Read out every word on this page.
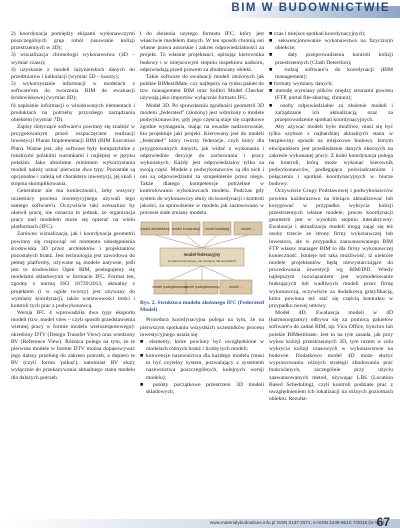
BIM W BUDOWNICTWIE

2) koordynacja pomiędzy ekipami wykonawczymi poszczególnych grup robót (usuwanie kolizji przestrzennych w 3D);

3) wizualizacja chronologii wykonawstwa (4D – wymiar czasu);

4) uzyskanie z modeli inżynierskich danych do przedmiarów i kalkulacji (wymiar 5D – koszty);

5) wykorzystanie informacji w modelach z software'em do tworzenia BIM do ewaluacji środowiskowej (wymiar 6D);

6) zapisanie informacji o wbudowanych elementach i produktach na potrzeby przyszłego zarządzania obiektem (wymiar 7D).

Zapisy dotyczące software'u powinny się znaleźć w przygotowanym przed rozpoczęciem realizacji inwestycji Planie Implementacji BIM (BIM Execution Plan). Ważne jest, aby software były kompatybilne z lokalnymi polskimi warunkami i najlepiej w języku polskim. Jako absolutne minimum wykorzystania modeli należy uznać pierwsze dwa typy. Pozostałe są opcjonalne i zależą od charakteru inwestycji, jej skali i stopnia skomplikowania.

Generalnie nie ma konieczności, żeby wszyscy uczestnicy procesu inwestycyjnego używali tego samego software'u. Oczywiście taki scenariusz by ułatwił pracę, nie oznacza to jednak, że organizacja pracy nad modelem może się opierać na wielu platformach (IFC).

Zarówno wizualizacja, jak i koordynacja geometrii powinny się rozpocząć od momentu udostępnienia środowiska 3D przez architektów i projektantów pozostałych branż. Jest technologia jest zawodowa do pełnej platformy, używane są modele natywne, jeśli jest to środowisko Open BIM, posługujemy się modelami składowymi w formacie IFC. Format ten, zgodny z normą ISO 16739:2013, aktualny z projektem (i w ogóle tworzy) jest używany do wymiany koordynacji, także warstwowości treści i kontroli tych prac z podwykonawcą.

Wersja IFC 4 wprowadziła dwa typy eksportu modeli (tzw. model view – czyli sposób przedstawienia wiennej pracy w formie modelu wielozespołowego): określony DTV (Design Transfer View) oraz wiedzony RV (Reference View). Różnica polega na tym, że te pierwsze modele w formie DTV można dopasowywać jego dalszy przebieg do zakresu potrzeb, a dopiero te RV (czyli forma 'pokaz'), natomiast RV służy wyłącznie do przekazywania aktualnego stanu modelu dla dalszych potrzeb.

ł do złożenia użytego formatu IFC, który jest właściwie modelem danych. W ten sposób chronią oni własne prawa autorskie i zakres odpowiedzialności za projekt. To właśnie projektanci, opisując kierownika budowy i w miejscowym stopniu inspektora nadzoru, odpowiadają przed prawem za zbudowany obiekt.

Takie software do ewaluacji modeli złożonych jak polskie BIMestiMate, czy najlepszy na rynku pakiet do tzw. management BIM oraz Solibri Model Checker używają jako importów wyłącznie formatu IFC.

Model 3D. Po sprawdzeniu zgodności geometrii 3D modelu „federated” (złożony) jest wdrożony o modele podwykonawców, gdy jego częścią staje się cząstkowe zgodne wymagania, mając na uwadze nadzorowanie, kto projektuje jaki projekt. Kierowany jest do modeli „federated” który tworzy federacje, czyli który dla przygotowanych danych, jak widać z wykonania i odpowiednie decyzje do zachowania i pracy wykonanych. Każdy jest odpowiedzialny tylko za swoją część. Modele z podwykonawców są dla nich i oni są odpowiedzialni za uzupełnienie przez niego. Także dlatego kompetencje potrzebne w kontrolowaniu wykonawcach modelu. Podczas gdy system do wykonawczy służy do koordynacji i kontroli jakości, za sprawdzenie w modelu jak zastosowano w procesie stałe zmiany modelu.

model architektury model konstrukcji model instalacji	model ...
model federacyjny
(model koordynacyjny, ale dostępny dla wszystkich)
model podwykonawcy
model podwykonawcy	model ...
Rys. 2. Struktura modelu złożonego IFC (Federated Model)

Procedura koordynacyjna polega na tym, że na pierwszym spotkaniu wszystkich uczestników procesu inwestycyjnego ustala się:

■ elementy, które powinny być uwzględnione w modelach różnych branż i liczbę tych modeli;

■ konwencje nazewnictwa dla każdego modelu (musi to być czytelny system, pozwalający z systemem nazewnictwa poszczególnych, kolejnych wersji modelu);

■ punkty początkowe przestrzeni 3D modeli składowych;

■ czas i miejsce spotkań koordynacyjnych;

■ sekwencjonowanie wykonawstwa na fizycznym obiekcie;

■ daty przeprowadzenia kontroli kolizji przestrzennych (Clash Detection);

■ rodzaj software'u do koordynacji (BIM management);

■ formaty wymiany danych;

■ metodę wymiany plików między stronami procesu (FTP, portal file-sharing, chmura);

■ osoby odpowiedzialne za złożenie modeli i zarządzanie ich aktualizacją oraz za przeprowadzenie spotkań koordynacyjnych.

Aby używać modeli było możliwe, musi się być tylko szybsze z najbardziej aktualnych stanu w bezpieczny sposób na miejscowe budowy. Istnym ekwipunkiem jest prześledzenie danych obecnych na zakresie wykonanej pracy. Z kolei koordynacja polega na kontroli, którą może wykonać kierownik podwykonawców, podlegająca poświadczeniom i połączenia i spotkań koordynacyjnych w biurze budowy.

Oczywiście Grupy Podstawowej i podwykonawców powinni każdorazowo na bieżąco aktualizować lub korygować w przypadku wykrycia kolizji przestrzennych własne modele, proces koordynacji geometrii jest w wysokim stopniu interaktywny. Ewaluacja i aktualizacja modeli mogą zająć się też osoby trzecie ze strony firmy wykonawczej lub inwestora, ale w przypadku zaawansowanego BIM FTP własny manager BIM to dla firmy wykonawczej konieczność. Istnieje też taka możliwość, iż niektóre modele projektantów będą niewystarczające do procedowania inwestycji wg BIM/IPD. Wtedy najlepszym rozwiązaniem jest wymodelowanie brakujących lub wadliwych modeli przez firmę wykonawczą, oczywiście za dodatkową gratyfikacją, która powinna też stać się częścią kontraktu w przypadku nowej umowy.

Model 4D. Ewaluacja modeli w 4D (harmonogramy) odbywa się za pomocą pakietów software'u do zadań BIM, np. Vico Office, Synchro lub polskie BIMestimate. Jest to na tyle zasada, jak przy wyksu kolizji przestrzennych 3D, tym razem w celu wykrycia kolizji czasowych w wykonawstwie na budowie. Dodatkowo model 4D może służyć wyprawowaniu różnych strategii zbudowania prac budowlanych, szczególnie przy użyciu zaawansowanych metod, używając LBS (Location Based Scheduling), czyli kontroli podziału prac z uwzględnieniem ich lokalizacji na różnych poziomach obiektu. Rezulta-

www.materialybudowlane.info.pl ISSN 0137-2971, e-ISSN 2449-951X 7/2018 (nr 551)
67
